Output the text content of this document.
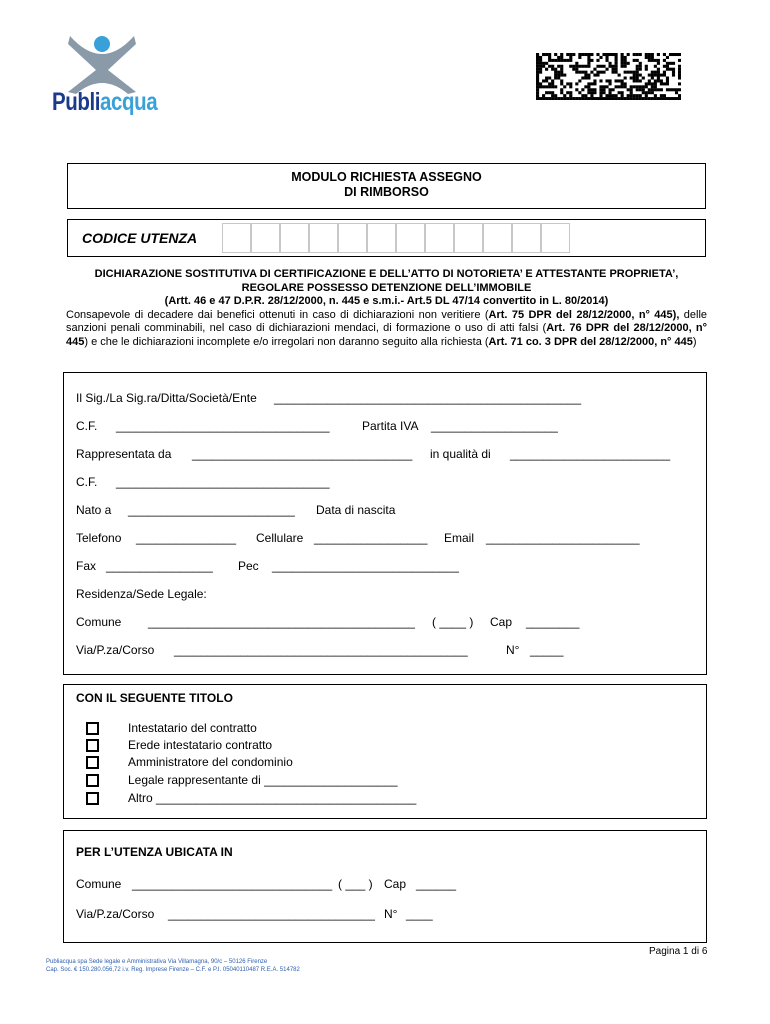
Publiacqua
MODULO RICHIESTA ASSEGNO
DI RIMBORSO
CODICE UTENZA
DICHIARAZIONE SOSTITUTIVA DI CERTIFICAZIONE E DELL’ATTO DI NOTORIETA’ E ATTESTANTE PROPRIETA’,
REGOLARE POSSESSO DETENZIONE DELL’IMMOBILE
(Artt. 46 e 47 D.P.R. 28/12/2000, n. 445 e s.m.i.- Art.5 DL 47/14 convertito in L. 80/2014)
Consapevole di decadere dai benefici ottenuti in caso di dichiarazioni non veritiere (Art. 75 DPR del 28/12/2000, n° 445), delle sanzioni penali comminabili, nel caso di dichiarazioni mendaci, di formazione o uso di atti falsi (Art. 76 DPR del 28/12/2000, n° 445) e che le dichiarazioni incomplete e/o irregolari non daranno seguito alla richiesta (Art. 71 co. 3 DPR del 28/12/2000, n° 445)
Il Sig./La Sig.ra/Ditta/Società/Ente ______________________________________________
C.F. ________________________________	Partita IVA ___________________
Rappresentata da _________________________________ in qualità di ________________________
C.F. ________________________________
Nato a _________________________ Data di nascita
Telefono _______________ Cellulare _________________ Email _______________________
Fax ________________ Pec ____________________________
Residenza/Sede Legale:
Comune ________________________________________ ( ____ ) Cap ________
Via/P.za/Corso ____________________________________________	N° _____
CON IL SEGUENTE TITOLO
Intestatario del contratto
Erede intestatario contratto
Amministratore del condominio
Legale rappresentante di ____________________
Altro _______________________________________
PER L’UTENZA UBICATA IN
Comune ______________________________ ( ___ ) Cap ______
Via/P.za/Corso _______________________________ N° ____
Pagina 1 di 6
Publiacqua spa Sede legale e Amministrativa Via Villamagna, 90/c – 50126 Firenze
Cap. Soc. € 150.280.056,72 i.v. Reg. Imprese Firenze – C.F. e P.I. 05040110487 R.E.A. 514782
